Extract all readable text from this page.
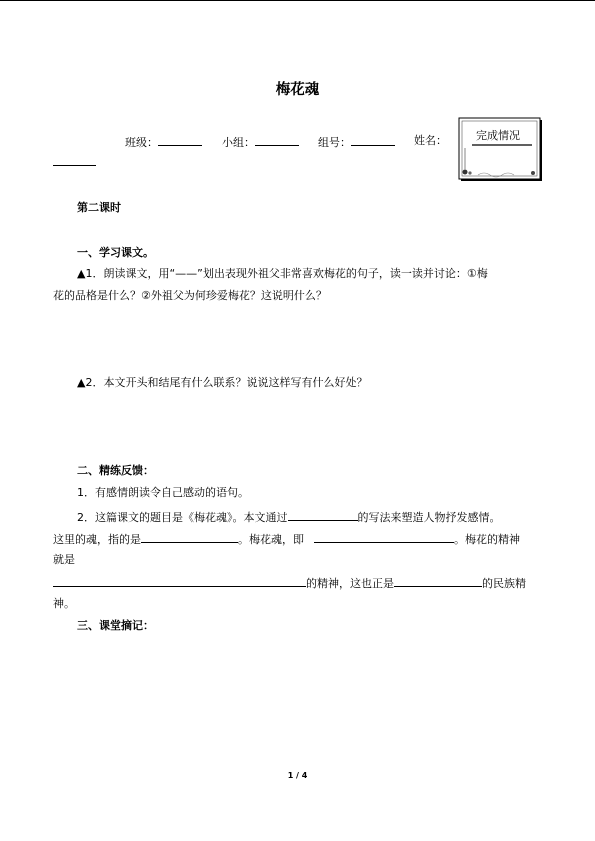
梅花魂
班级：	小组：	组号：	姓名：	完成情况
第二课时
一、学习课文。
▲1．朗读课文，用“——”划出表现外祖父非常喜欢梅花的句子，读一读并讨论：①梅
花的品格是什么？②外祖父为何珍爱梅花？这说明什么？
▲2．本文开头和结尾有什么联系？说说这样写有什么好处？
二、精练反馈：
1．有感情朗读令自己感动的语句。
2．这篇课文的题目是《梅花魂》。本文通过	的写法来塑造人物抒发感情。
这里的魂，指的是	。梅花魂，即	。梅花的精神
就是
的精神，这也正是	的民族精
神。
三、课堂摘记：
1 / 4
